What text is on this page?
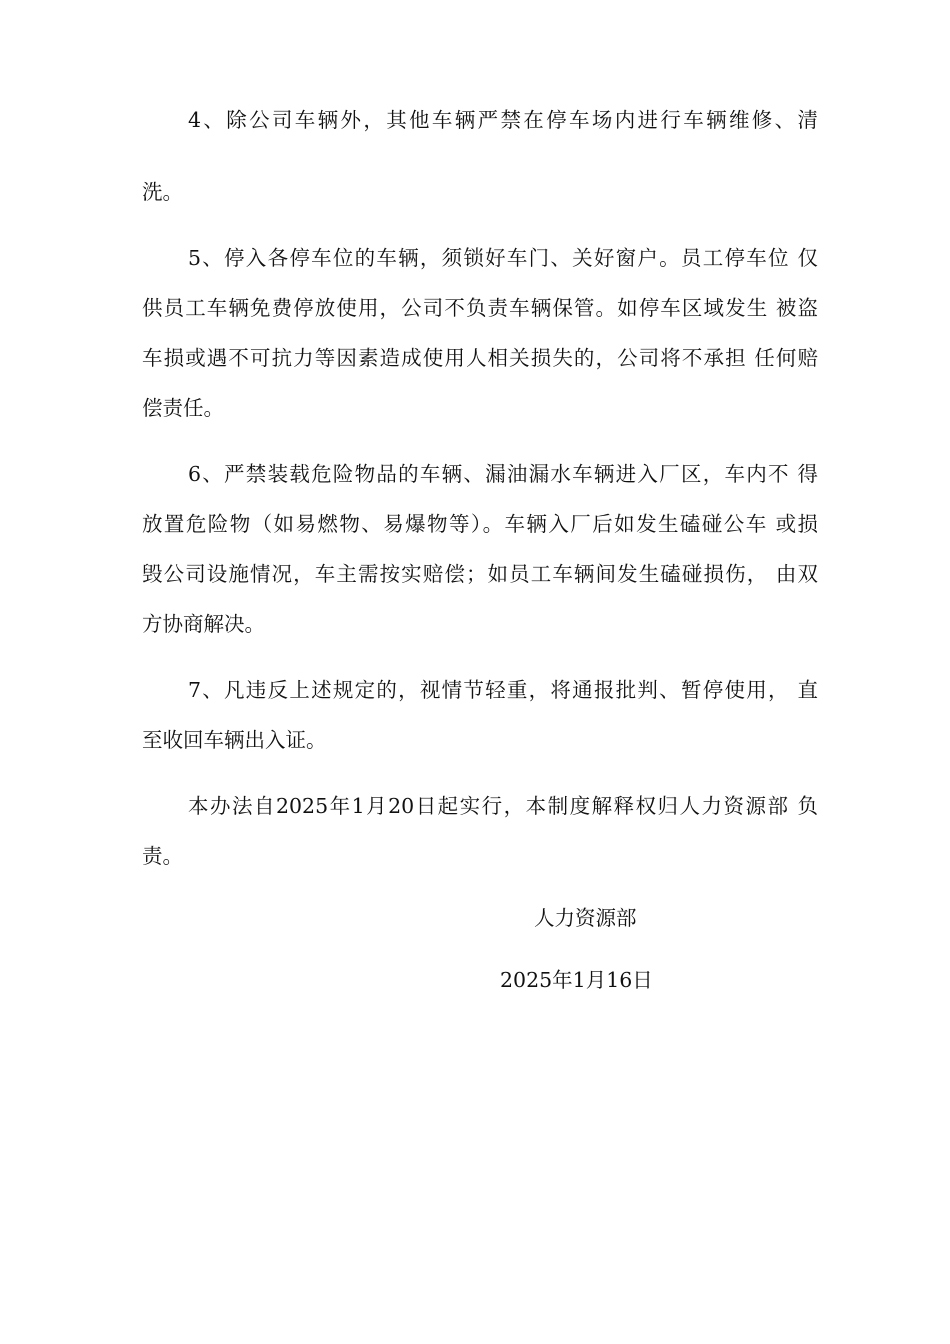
4、除公司车辆外，其他车辆严禁在停车场内进行车辆维修、清
洗。
5、停入各停车位的车辆，须锁好车门、关好窗户。员工停车位 仅
供员工车辆免费停放使用，公司不负责车辆保管。如停车区域发生 被盗
车损或遇不可抗力等因素造成使用人相关损失的，公司将不承担 任何赔
偿责任。
6、严禁装载危险物品的车辆、漏油漏水车辆进入厂区，车内不 得
放置危险物（如易燃物、易爆物等）。车辆入厂后如发生磕碰公车 或损
毁公司设施情况，车主需按实赔偿；如员工车辆间发生磕碰损伤， 由双
方协商解决。
7、凡违反上述规定的，视情节轻重，将通报批判、暂停使用， 直
至收回车辆出入证。
本办法自2025年1月20日起实行，本制度解释权归人力资源部 负
责。
人力资源部
2025年1月16日
